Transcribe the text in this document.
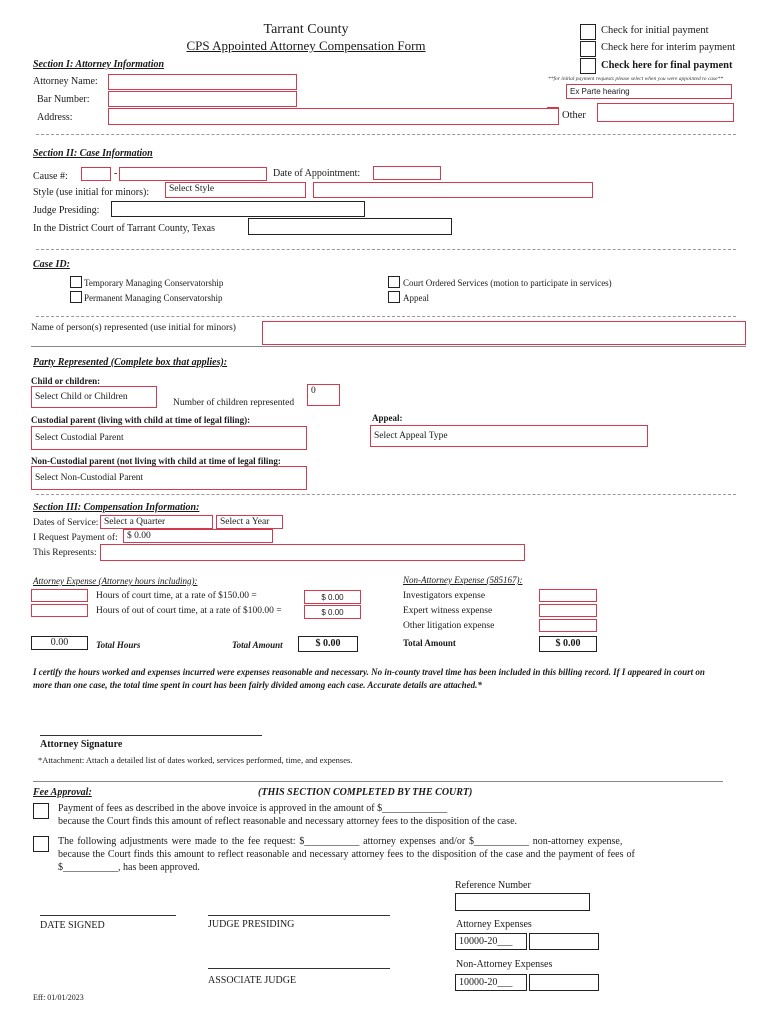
Tarrant County
CPS Appointed Attorney Compensation Form
Check for initial payment
Check here for interim payment
Check here for final payment
**for initial payment requests please select when you were appointed to case**
Ex Parte hearing
Other
Section I: Attorney Information
Attorney Name:
Bar Number:
Address:
Section II: Case Information
Cause #:	-	Date of Appointment:
Style (use initial for minors):	Select Style
Judge Presiding:
In the District Court of Tarrant County, Texas
Case ID:
Temporary Managing Conservatorship
Permanent Managing Conservatorship
Court Ordered Services (motion to participate in services)
Appeal
Name of person(s) represented (use initial for minors)
Party Represented (Complete box that applies):
Child or children:
Select Child or Children
Number of children represented
0
Custodial parent (living with child at time of legal filing):	Appeal:
Select Custodial Parent	Select Appeal Type
Non-Custodial parent (not living with child at time of legal filing:
Select Non-Custodial Parent
Section III: Compensation Information:
Dates of Service: Select a Quarter	Select a Year
I Request Payment of: $ 0.00
This Represents:
Attorney Expense (Attorney hours including):
Hours of court time, at a rate of $150.00 =	$ 0.00
Hours of out of court time, at a rate of $100.00 =	$ 0.00
0.00	Total Hours	Total Amount	$ 0.00
Non-Attorney Expense (585167):
Investigators expense
Expert witness expense
Other litigation expense
Total Amount	$ 0.00
I certify the hours worked and expenses incurred were expenses reasonable and necessary. No in-county travel time has been included in this billing record. If I appeared in court on more than one case, the total time spent in court has been fairly divided among each case. Accurate details are attached.*
Attorney Signature
*Attachment: Attach a detailed list of dates worked, services performed, time, and expenses.
Fee Approval:	(THIS SECTION COMPLETED BY THE COURT)
Payment of fees as described in the above invoice is approved in the amount of $_____________
because the Court finds this amount of reflect reasonable and necessary attorney fees to the disposition of the case.
The following adjustments were made to the fee request: $___________ attorney expenses and/or $___________ non-attorney expense,
because the Court finds this amount to reflect reasonable and necessary attorney fees to the disposition of the case and the payment of fees of
$___________, has been approved.
Reference Number
DATE SIGNED	JUDGE PRESIDING	Attorney Expenses
10000-20___
ASSOCIATE JUDGE
Non-Attorney Expenses
10000-20___
Eff: 01/01/2023
